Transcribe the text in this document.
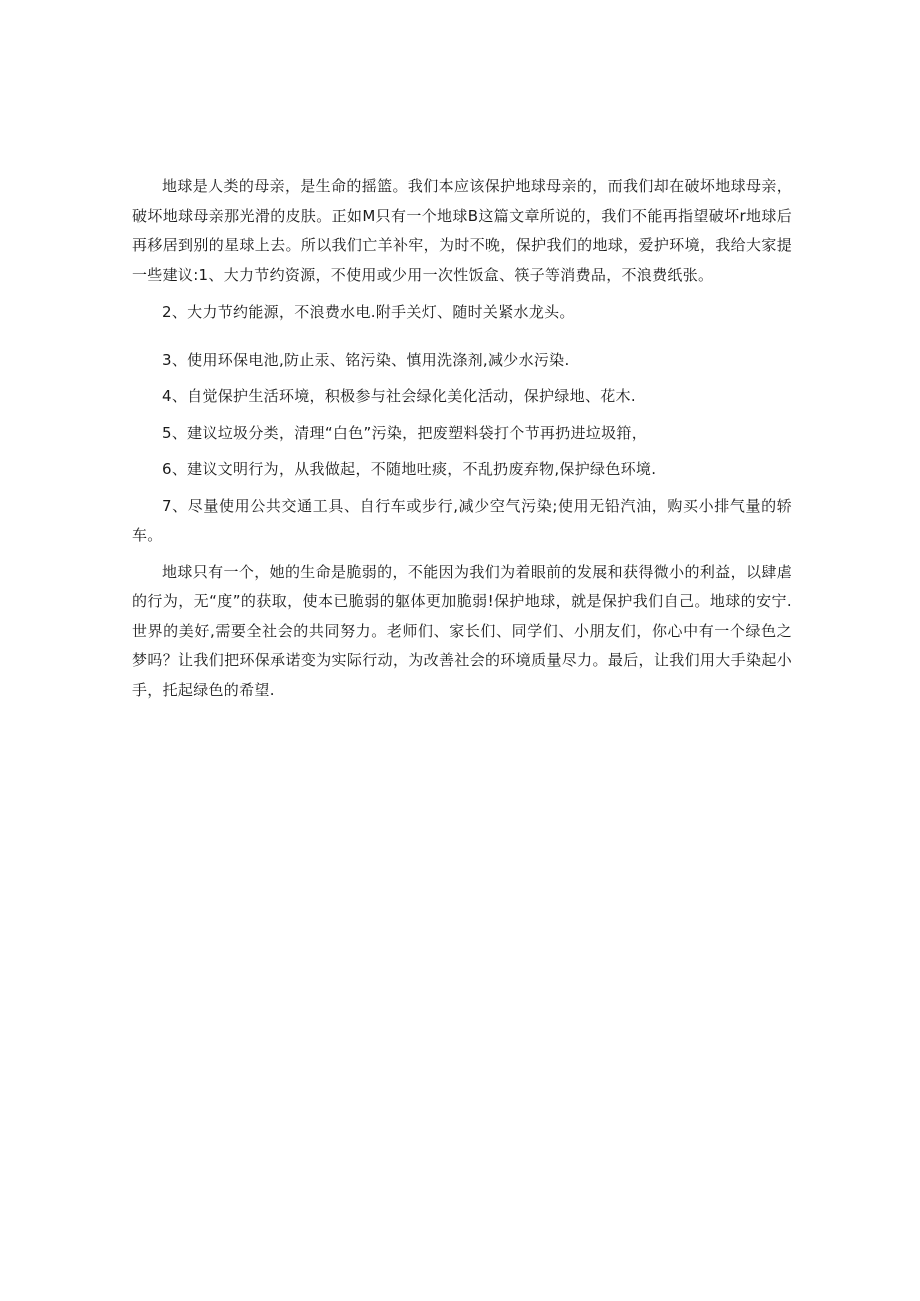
地球是人类的母亲，是生命的摇篮。我们本应该保护地球母亲的，而我们却在破坏地球母亲，破坏地球母亲那光滑的皮肤。正如M只有一个地球B这篇文章所说的，我们不能再指望破坏r地球后再移居到别的星球上去。所以我们亡羊补牢，为时不晚，保护我们的地球，爱护环境，我给大家提一些建议:1、大力节约资源，不使用或少用一次性饭盒、筷子等消费品，不浪费纸张。

2、大力节约能源，不浪费水电.附手关灯、随时关紧水龙头。

3、使用环保电池,防止汞、铭污染、慎用洗涤剂,减少水污染.

4、自觉保护生活环境，积极参与社会绿化美化活动，保护绿地、花木.

5、建议垃圾分类，清理“白色”污染，把废塑料袋打个节再扔进垃圾箝，

6、建议文明行为，从我做起，不随地吐痰，不乱扔废弃物,保护绿色环境.

7、尽量使用公共交通工具、自行车或步行,减少空气污染;使用无铅汽油，购买小排气量的轿车。

地球只有一个，她的生命是脆弱的，不能因为我们为着眼前的发展和获得微小的利益，以肆虐的行为，无“度”的获取，使本已脆弱的躯体更加脆弱!保护地球，就是保护我们自己。地球的安宁.世界的美好,需要全社会的共同努力。老师们、家长们、同学们、小朋友们，你心中有一个绿色之梦吗？让我们把环保承诺变为实际行动，为改善社会的环境质量尽力。最后，让我们用大手染起小手，托起绿色的希望.
